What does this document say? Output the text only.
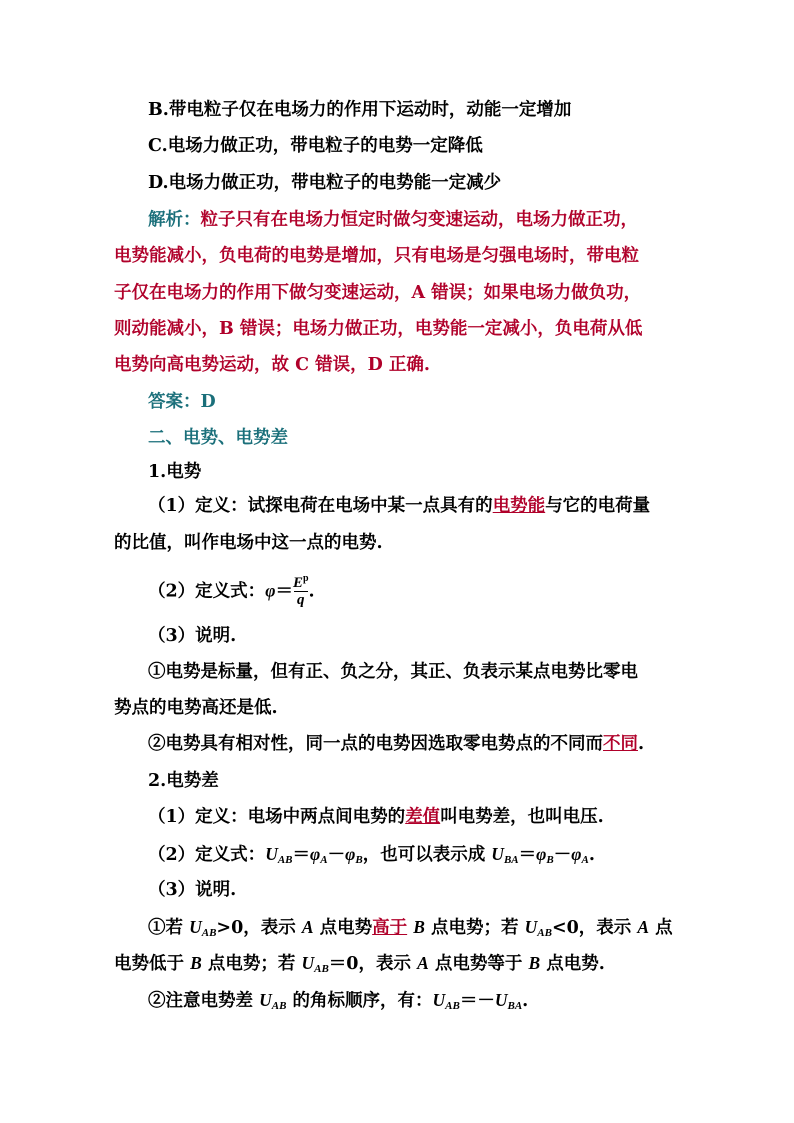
B.带电粒子仅在电场力的作用下运动时，动能一定增加
C.电场力做正功，带电粒子的电势一定降低
D.电场力做正功，带电粒子的电势能一定减少
解析：粒子只有在电场力恒定时做匀变速运动，电场力做正功，
电势能减小，负电荷的电势是增加，只有电场是匀强电场时，带电粒
子仅在电场力的作用下做匀变速运动，A 错误；如果电场力做负功，
则动能减小，B 错误；电场力做正功，电势能一定减小，负电荷从低
电势向高电势运动，故 C 错误，D 正确.
答案：D
二、电势、电势差
1.电势
（1）定义：试探电荷在电场中某一点具有的电势能与它的电荷量
的比值，叫作电场中这一点的电势.
（2）定义式：$\varphi= \frac{E^p}{q}$ .
（3）说明.
①电势是标量，但有正、负之分，其正、负表示某点电势比零电
势点的电势高还是低.
②电势具有相对性，同一点的电势因选取零电势点的不同而不同.
2.电势差
（1）定义：电场中两点间电势的差值叫电势差，也叫电压.
（2）定义式：$U_{AB}=\varphi_A-\varphi_B$，也可以表示成 $U_{BA}=\varphi_B-\varphi_A$.
（3）说明.
①若 $U_{AB}>0$，表示 A 点电势高于 B 点电势；若 $U_{AB}<0$，表示 A 点
电势低于 B 点电势；若 $U_{AB}=0$，表示 A 点电势等于 B 点电势.
②注意电势差 $U_{AB}$ 的角标顺序，有：$U_{AB}=-U_{BA}$.
